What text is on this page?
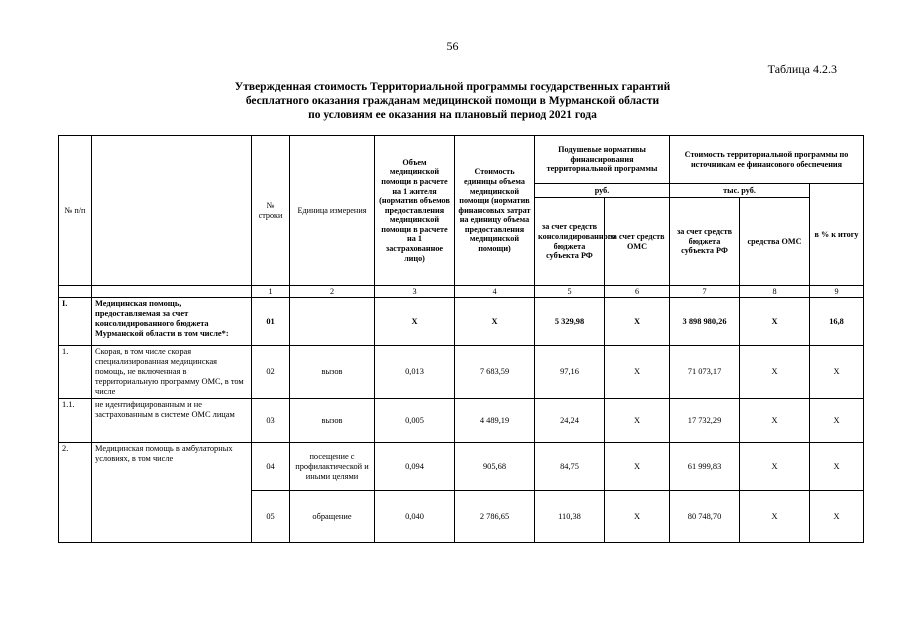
56
Таблица 4.2.3
Утвержденная стоимость Территориальной программы государственных гарантий
бесплатного оказания гражданам медицинской помощи в Мурманской области
по условиям ее оказания на плановый период 2021 года
№ п/п		№ строки	Единица измерения	Объем медицинской помощи в расчете на 1 жителя (норматив объемов предоставления медицинской помощи в расчете на 1 застрахованное лицо)	Стоимость единицы объема медицинской помощи (норматив финансовых затрат на единицу объема предоставления медицинской помощи)	Подушевые нормативы финансирования территориальной программы		Стоимость территориальной программы по источникам ее финансового обеспечения		
						руб.		тыс. руб.		в % к итогу
						за счет средств консолидированного бюджета субъекта РФ	за счет средств ОМС	за счет средств бюджета субъекта РФ	средства ОМС	
		1	2	3	4	5	6	7	8	9
I.	Медицинская помощь, предоставляемая за счет консолидированного бюджета Мурманской области в том числе*:	01		Х	Х	5 329,98	Х	3 898 980,26	Х	16,8
1.	Скорая, в том числе скорая специализированная медицинская помощь, не включенная в территориальную программу ОМС, в том числе	02	вызов	0,013	7 683,59	97,16	Х	71 073,17	Х	Х
1.1.	не идентифицированным и не застрахованным в системе ОМС лицам	03	вызов	0,005	4 489,19	24,24	Х	17 732,29	Х	Х
2.	Медицинская помощь в амбулаторных условиях, в том числе	04	посещение с профилактической и иными целями	0,094	905,68	84,75	Х	61 999,83	Х	Х
		05	обращение	0,040	2 786,65	110,38	Х	80 748,70	Х	Х
